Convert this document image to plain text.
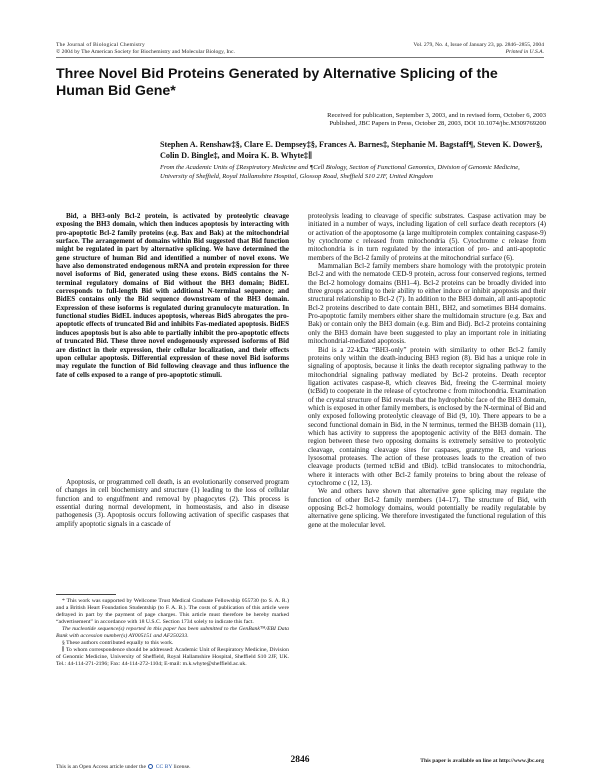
The Journal of Biological Chemistry
© 2004 by The American Society for Biochemistry and Molecular Biology, Inc.
Vol. 279, No. 4, Issue of January 23, pp. 2846–2855, 2004
Printed in U.S.A.
Three Novel Bid Proteins Generated by Alternative Splicing of the Human Bid Gene*
Received for publication, September 3, 2003, and in revised form, October 6, 2003
Published, JBC Papers in Press, October 28, 2003, DOI 10.1074/jbc.M309769200
Stephen A. Renshaw‡§, Clare E. Dempsey‡§, Frances A. Barnes‡, Stephanie M. Bagstaff¶, Steven K. Dower§, Colin D. Bingle‡, and Moira K. B. Whyte‡∥
From the Academic Units of ‡Respiratory Medicine and ¶Cell Biology, Section of Functional Genomics, Division of Genomic Medicine, University of Sheffield, Royal Hallamshire Hospital, Glossop Road, Sheffield S10 2JF, United Kingdom

Bid, a BH3-only Bcl-2 protein, is activated by proteolytic cleavage exposing the BH3 domain, which then induces apoptosis by interacting with pro-apoptotic Bcl-2 family proteins (e.g. Bax and Bak) at the mitochondrial surface. The arrangement of domains within Bid suggested that Bid function might be regulated in part by alternative splicing. We have determined the gene structure of human Bid and identified a number of novel exons. We have also demonstrated endogenous mRNA and protein expression for three novel isoforms of Bid, generated using these exons. BidS contains the N-terminal regulatory domains of Bid without the BH3 domain; BidEL corresponds to full-length Bid with additional N-terminal sequence; and BidES contains only the Bid sequence downstream of the BH3 domain. Expression of these isoforms is regulated during granulocyte maturation. In functional studies BidEL induces apoptosis, whereas BidS abrogates the pro-apoptotic effects of truncated Bid and inhibits Fas-mediated apoptosis. BidES induces apoptosis but is also able to partially inhibit the pro-apoptotic effects of truncated Bid. These three novel endogenously expressed isoforms of Bid are distinct in their expression, their cellular localization, and their effects upon cellular apoptosis. Differential expression of these novel Bid isoforms may regulate the function of Bid following cleavage and thus influence the fate of cells exposed to a range of pro-apoptotic stimuli.

Apoptosis, or programmed cell death, is an evolutionarily conserved program of changes in cell biochemistry and structure (1) leading to the loss of cellular function and to engulfment and removal by phagocytes (2). This process is essential during normal development, in homeostasis, and also in disease pathogenesis (3). Apoptosis occurs following activation of specific caspases that amplify apoptotic signals in a cascade of

* This work was supported by Wellcome Trust Medical Graduate Fellowship 055730 (to S. A. R.) and a British Heart Foundation Studentship (to F. A. B.). The costs of publication of this article were defrayed in part by the payment of page charges. This article must therefore be hereby marked “advertisement” in accordance with 18 U.S.C. Section 1734 solely to indicate this fact.

The nucleotide sequence(s) reported in this paper has been submitted to the GenBank™/EBI Data Bank with accession number(s) AY005151 and AF250233.

§ These authors contributed equally to this work.

∥ To whom correspondence should be addressed: Academic Unit of Respiratory Medicine, Division of Genomic Medicine, University of Sheffield, Royal Hallamshire Hospital, Sheffield S10 2JF, UK. Tel.: 44-114-271-2196; Fax: 44-114-272-1104; E-mail: m.k.whyte@sheffield.ac.uk.

proteolysis leading to cleavage of specific substrates. Caspase activation may be initiated in a number of ways, including ligation of cell surface death receptors (4) or activation of the apoptosome (a large multiprotein complex containing caspase-9) by cytochrome c released from mitochondria (5). Cytochrome c release from mitochondria is in turn regulated by the interaction of pro- and anti-apoptotic members of the Bcl-2 family of proteins at the mitochondrial surface (6).

Mammalian Bcl-2 family members share homology with the prototypic protein Bcl-2 and with the nematode CED-9 protein, across four conserved regions, termed the Bcl-2 homology domains (BH1–4). Bcl-2 proteins can be broadly divided into three groups according to their ability to either induce or inhibit apoptosis and their structural relationship to Bcl-2 (7). In addition to the BH3 domain, all anti-apoptotic Bcl-2 proteins described to date contain BH1, BH2, and sometimes BH4 domains. Pro-apoptotic family members either share the multidomain structure (e.g. Bax and Bak) or contain only the BH3 domain (e.g. Bim and Bid). Bcl-2 proteins containing only the BH3 domain have been suggested to play an important role in initiating mitochondrial-mediated apoptosis.

Bid is a 22-kDa “BH3-only” protein with similarity to other Bcl-2 family proteins only within the death-inducing BH3 region (8). Bid has a unique role in signaling of apoptosis, because it links the death receptor signaling pathway to the mitochondrial signaling pathway mediated by Bcl-2 proteins. Death receptor ligation activates caspase-8, which cleaves Bid, freeing the C-terminal moiety (tcBid) to cooperate in the release of cytochrome c from mitochondria. Examination of the crystal structure of Bid reveals that the hydrophobic face of the BH3 domain, which is exposed in other family members, is enclosed by the N-terminal of Bid and only exposed following proteolytic cleavage of Bid (9, 10). There appears to be a second functional domain in Bid, in the N terminus, termed the BH3B domain (11), which has activity to suppress the apoptogenic activity of the BH3 domain. The region between these two opposing domains is extremely sensitive to proteolytic cleavage, containing cleavage sites for caspases, granzyme B, and various lysosomal proteases. The action of these proteases leads to the creation of two cleavage products (termed tcBid and tBid). tcBid translocates to mitochondria, where it interacts with other Bcl-2 family proteins to bring about the release of cytochrome c (12, 13).

We and others have shown that alternative gene splicing may regulate the function of other Bcl-2 family members (14–17). The structure of Bid, with opposing Bcl-2 homology domains, would potentially be readily regulatable by alternative gene splicing. We therefore investigated the functional regulation of this gene at the molecular level.

2846	This paper is available on line at http://www.jbc.org
This is an Open Access article under the CC BY license.
